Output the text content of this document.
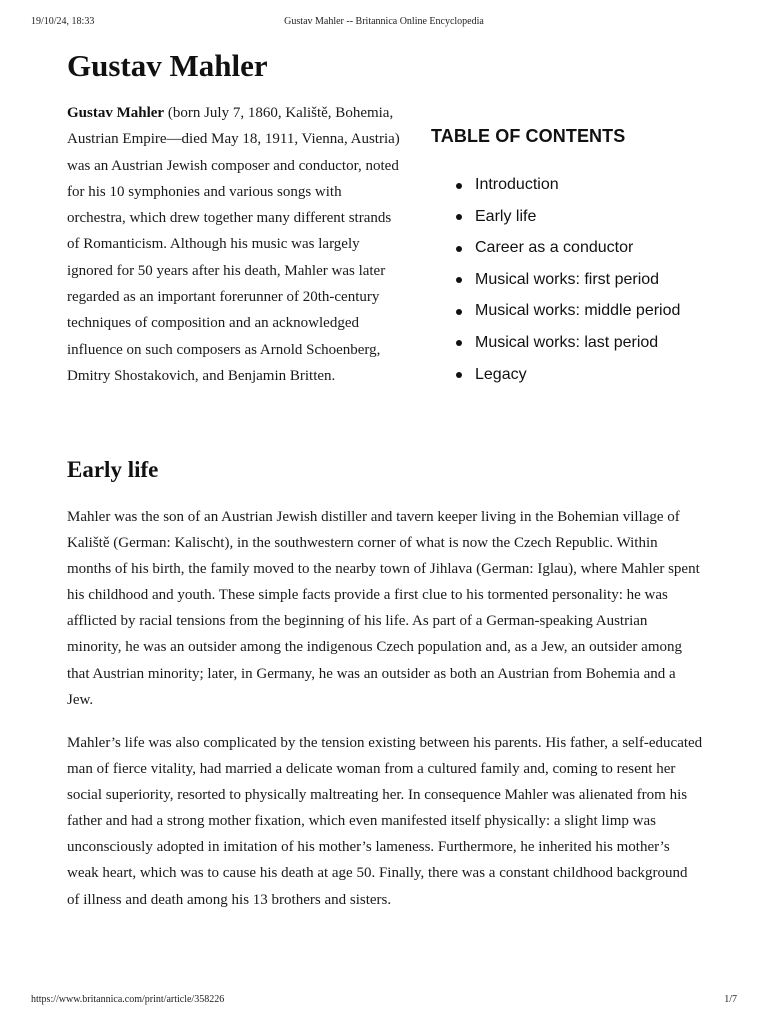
19/10/24, 18:33	Gustav Mahler -- Britannica Online Encyclopedia
Gustav Mahler

Gustav Mahler (born July 7, 1860, Kaliště, Bohemia, Austrian Empire—died May 18, 1911, Vienna, Austria) was an Austrian Jewish composer and conductor, noted for his 10 symphonies and various songs with orchestra, which drew together many different strands of Romanticism. Although his music was largely ignored for 50 years after his death, Mahler was later regarded as an important forerunner of 20th-century techniques of composition and an acknowledged influence on such composers as Arnold Schoenberg, Dmitry Shostakovich, and Benjamin Britten.

TABLE OF CONTENTS
Introduction
Early life
Career as a conductor
Musical works: first period
Musical works: middle period
Musical works: last period
Legacy
Early life

Mahler was the son of an Austrian Jewish distiller and tavern keeper living in the Bohemian village of Kaliště (German: Kalischt), in the southwestern corner of what is now the Czech Republic. Within months of his birth, the family moved to the nearby town of Jihlava (German: Iglau), where Mahler spent his childhood and youth. These simple facts provide a first clue to his tormented personality: he was afflicted by racial tensions from the beginning of his life. As part of a German-speaking Austrian minority, he was an outsider among the indigenous Czech population and, as a Jew, an outsider among that Austrian minority; later, in Germany, he was an outsider as both an Austrian from Bohemia and a Jew.

Mahler’s life was also complicated by the tension existing between his parents. His father, a self-educated man of fierce vitality, had married a delicate woman from a cultured family and, coming to resent her social superiority, resorted to physically maltreating her. In consequence Mahler was alienated from his father and had a strong mother fixation, which even manifested itself physically: a slight limp was unconsciously adopted in imitation of his mother’s lameness. Furthermore, he inherited his mother’s weak heart, which was to cause his death at age 50. Finally, there was a constant childhood background of illness and death among his 13 brothers and sisters.

https://www.britannica.com/print/article/358226	1/7
